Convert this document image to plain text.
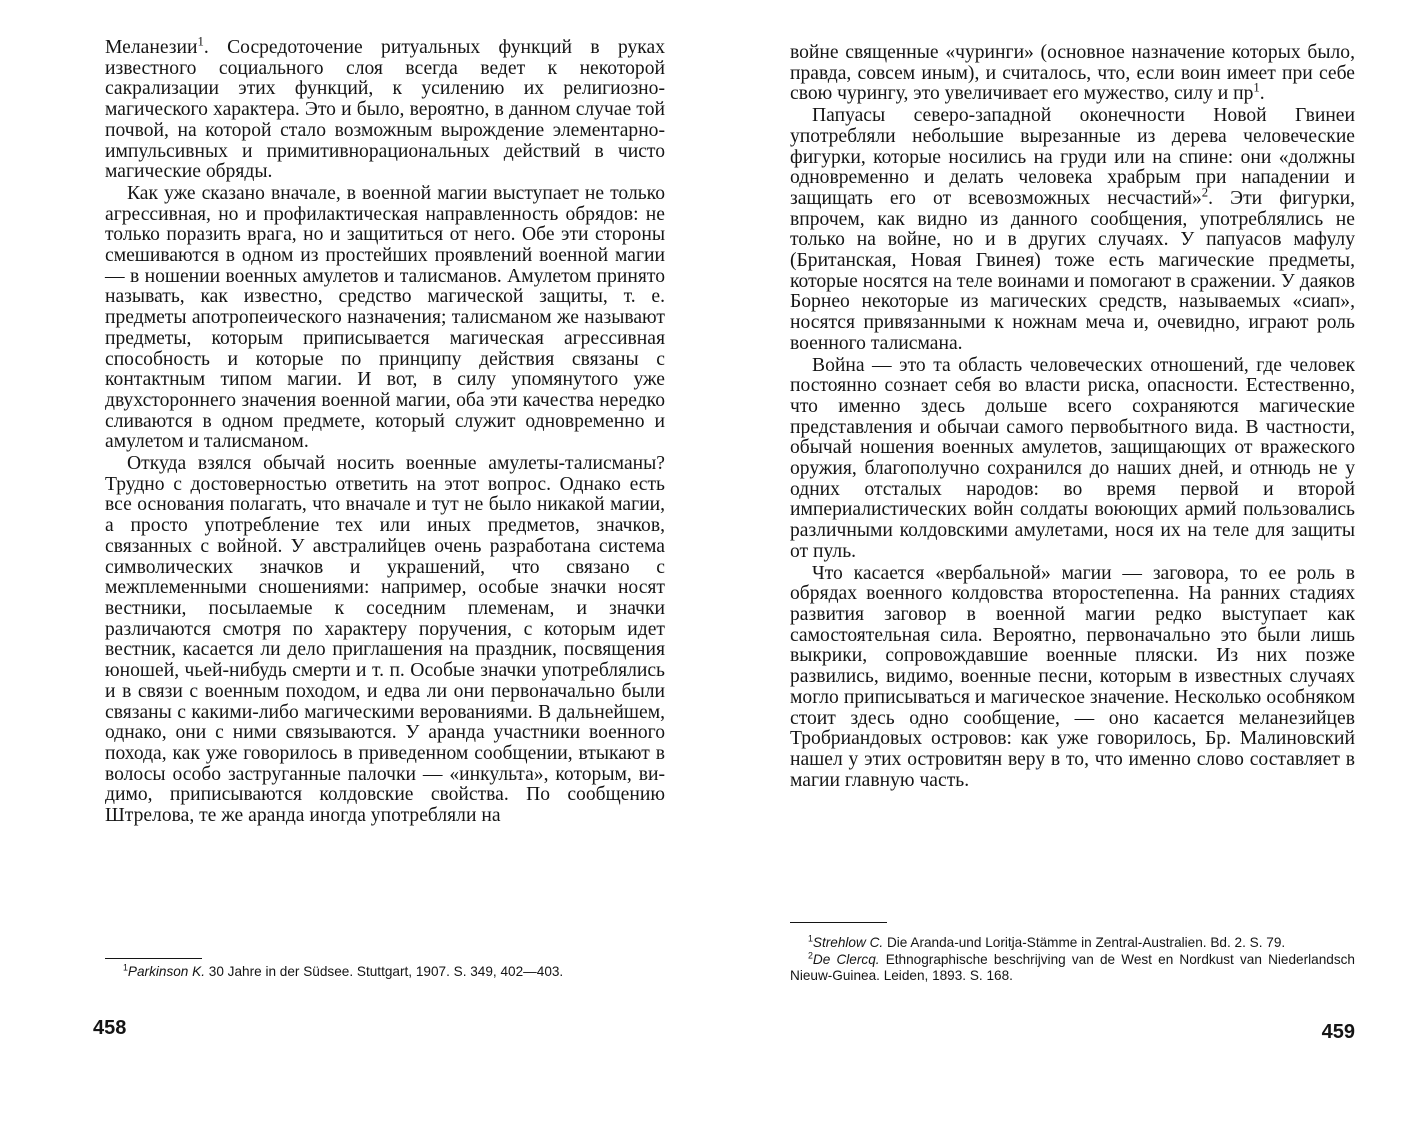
Меланезии$^1$. Сосредоточение ритуальных функций в руках известного социального слоя всегда ведет к некоторой сакрализации этих функций, к усилению их религиозно-магического характера. Это и было, вероятно, в данном случае той почвой, на которой стало возможным вырождение элементарно-импульсивных и примитивнорациональных действий в чисто магические обряды.

Как уже сказано вначале, в военной магии выступает не только агрессивная, но и профилактическая направленность обрядов: не только поразить врага, но и защититься от него. Обе эти стороны смешиваются в одном из простейших проявлений военной магии — в ношении военных амулетов и талисманов. Амулетом принято называть, как известно, средство магической защиты, т. е. предметы апотропеического назначения; талисманом же называют предметы, которым приписывается магическая агрессивная способность и которые по принципу действия связаны с контактным типом магии. И вот, в силу упомянутого уже двухстороннего значения военной магии, оба эти качества нередко сливаются в одном предмете, который служит одновременно и амулетом и талисманом.

Откуда взялся обычай носить военные амулеты-талисманы? Трудно с достоверностью ответить на этот вопрос. Однако есть все основания полагать, что вначале и тут не было никакой магии, а просто употребление тех или иных предметов, значков, связанных с войной. У австралийцев очень разработана система символических значков и украшений, что связано с межплеменными сношениями: например, особые значки носят вестники, посылаемые к соседним племенам, и значки различаются смотря по характеру поручения, с которым идет вестник, касается ли дело приглашения на праздник, посвящения юношей, чьей-нибудь смерти и т. п. Особые значки употреблялись и в связи с военным походом, и едва ли они первоначально были связаны с какими-либо магическими верованиями. В дальнейшем, однако, они с ними связываются. У аранда участники военного похода, как уже говорилось в приведенном сообщении, втыкают в волосы особо заструганные палочки — «инкульта», которым, видимо, приписываются колдовские свойства. По сообщению Штрелова, те же аранда иногда употребляли на

$^1$Parkinson K. 30 Jahre in der Südsee. Stuttgart, 1907. S. 349, 402—403.

458

войне священные «чуринги» (основное назначение которых было, правда, совсем иным), и считалось, что, если воин имеет при себе свою чурингу, это увеличивает его мужество, силу и $пр^1$.

Папуасы северо-западной оконечности Новой Гвинеи употребляли небольшие вырезанные из дерева человеческие фигурки, которые носились на груди или на спине: они «должны одновременно и делать человека храбрым при нападении и защищать его от всевозможных несчастий»$^2$. Эти фигурки, впрочем, как видно из данного сообщения, употреблялись не только на войне, но и в других случаях. У папуасов мафулу (Британская, Новая Гвинея) тоже есть магические предметы, которые носятся на теле воинами и помогают в сражении. У даяков Борнео некоторые из магических средств, называемых «сиап», носятся привязанными к ножнам меча и, очевидно, играют роль военного талисмана.

Война — это та область человеческих отношений, где человек постоянно сознает себя во власти риска, опасности. Естественно, что именно здесь дольше всего сохраняются магические представления и обычаи самого первобытного вида. В частности, обычай ношения военных амулетов, защищающих от вражеского оружия, благополучно сохранился до наших дней, и отнюдь не у одних отсталых народов: во время первой и второй империалистических войн солдаты воюющих армий пользовались различными колдовскими амулетами, нося их на теле для защиты от пуль.

Что касается «вербальной» магии — заговора, то ее роль в обрядах военного колдовства второстепенна. На ранних стадиях развития заговор в военной магии редко выступает как самостоятельная сила. Вероятно, первоначально это были лишь выкрики, сопровождавшие военные пляски. Из них позже развились, видимо, военные песни, которым в известных случаях могло приписываться и магическое значение. Несколько особняком стоит здесь одно сообщение, — оно касается меланезийцев Тробриандовых островов: как уже говорилось, Бр. Малиновский нашел у этих островитян веру в то, что именно слово составляет в магии главную часть.

$^1$Strehlow C. Die Aranda-und Loritja-Stämme in Zentral-Australien. Bd. 2. S. 79.

$^2$De Clercq. Ethnographische beschrijving van de West en Nordkust van Niederlandsch Nieuw-Guinea. Leiden, 1893. S. 168.

459
